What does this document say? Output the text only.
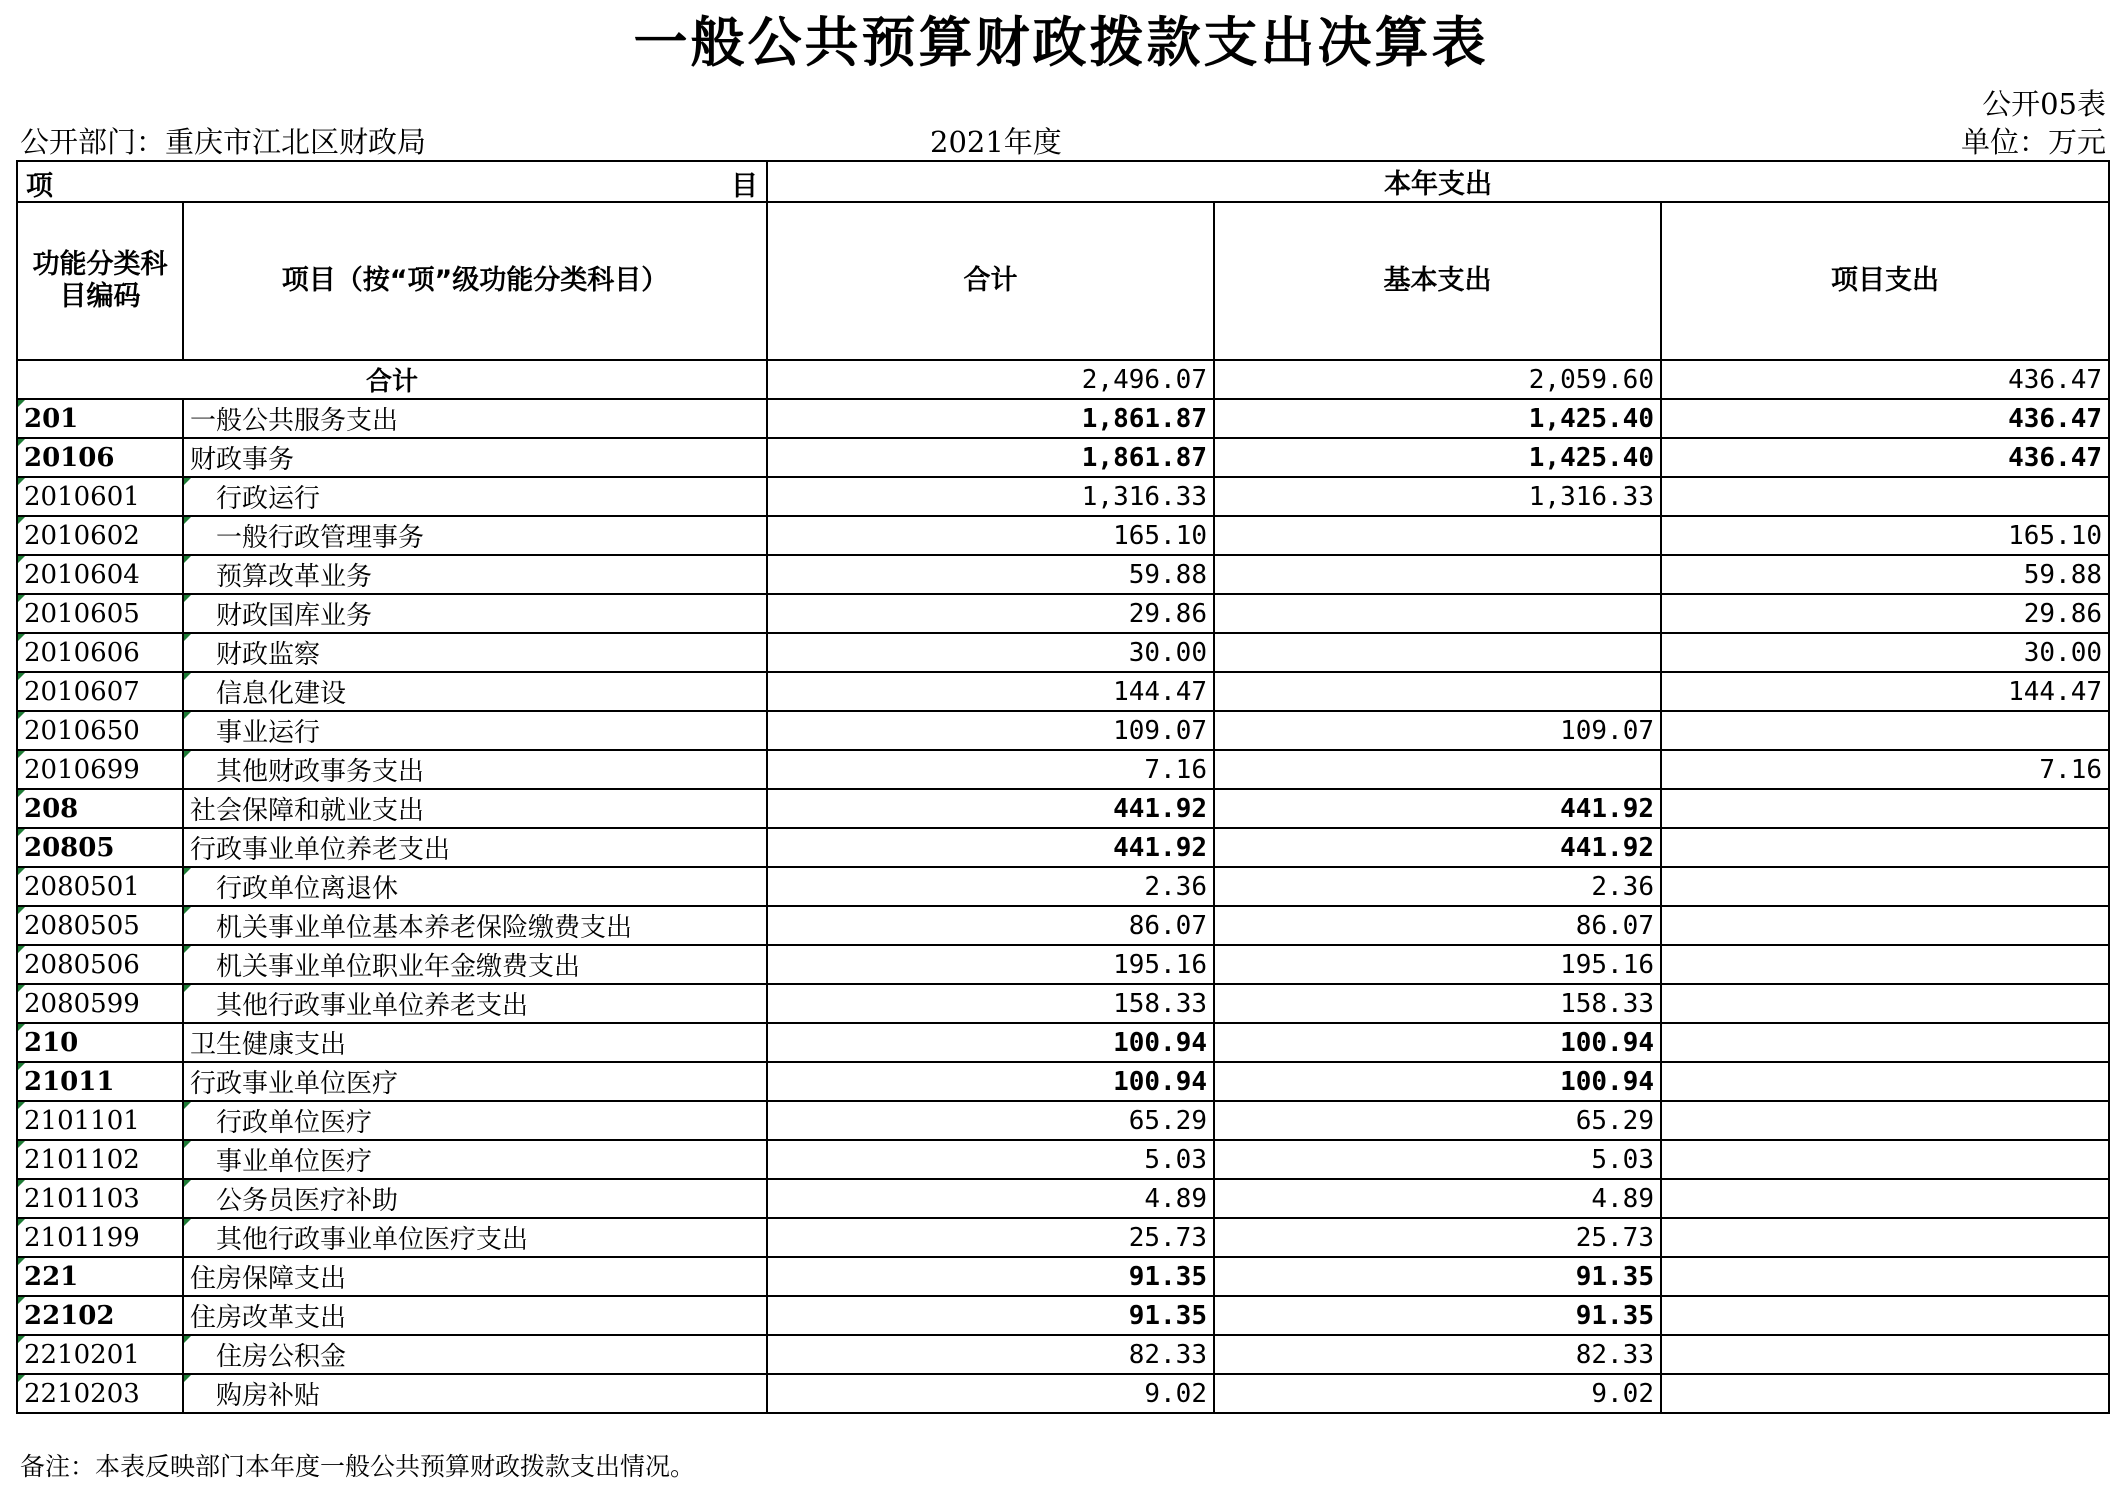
一般公共预算财政拨款支出决算表
公开05表
公开部门：重庆市江北区财政局	2021年度	单位：万元
项 目		本年支出		
功能分类科目编码	项目（按“项”级功能分类科目）	合计	基本支出	项目支出
合计		2,496.07	2,059.60	436.47
201	一般公共服务支出	1,861.87	1,425.40	436.47
20106	财政事务	1,861.87	1,425.40	436.47
2010601	行政运行	1,316.33	1,316.33	
2010602	一般行政管理事务	165.10		165.10
2010604	预算改革业务	59.88		59.88
2010605	财政国库业务	29.86		29.86
2010606	财政监察	30.00		30.00
2010607	信息化建设	144.47		144.47
2010650	事业运行	109.07	109.07	
2010699	其他财政事务支出	7.16		7.16
208	社会保障和就业支出	441.92	441.92	
20805	行政事业单位养老支出	441.92	441.92	
2080501	行政单位离退休	2.36	2.36	
2080505	机关事业单位基本养老保险缴费支出	86.07	86.07	
2080506	机关事业单位职业年金缴费支出	195.16	195.16	
2080599	其他行政事业单位养老支出	158.33	158.33	
210	卫生健康支出	100.94	100.94	
21011	行政事业单位医疗	100.94	100.94	
2101101	行政单位医疗	65.29	65.29	
2101102	事业单位医疗	5.03	5.03	
2101103	公务员医疗补助	4.89	4.89	
2101199	其他行政事业单位医疗支出	25.73	25.73	
221	住房保障支出	91.35	91.35	
22102	住房改革支出	91.35	91.35	
2210201	住房公积金	82.33	82.33	
2210203	购房补贴	9.02	9.02	
备注：本表反映部门本年度一般公共预算财政拨款支出情况。
